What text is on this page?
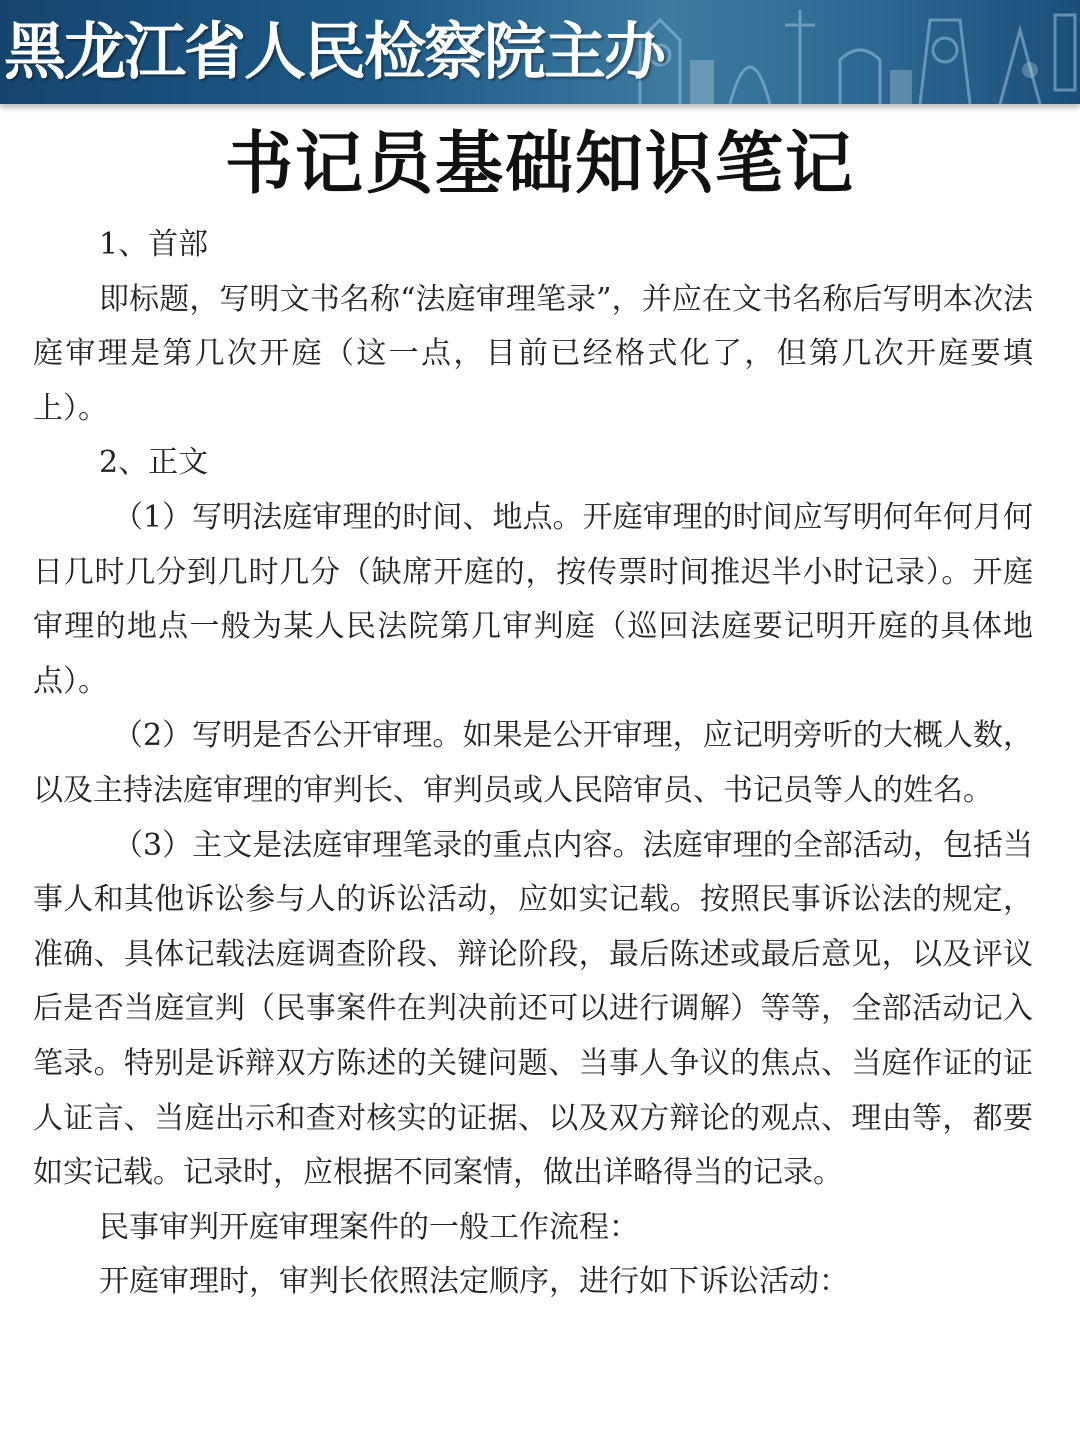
黑龙江省人民检察院主办
书记员基础知识笔记

1、首部

即标题，写明文书名称“法庭审理笔录”，并应在文书名称后写明本次法庭审理是第几次开庭（这一点，目前已经格式化了，但第几次开庭要填上）。

2、正文

（1）写明法庭审理的时间、地点。开庭审理的时间应写明何年何月何日几时几分到几时几分（缺席开庭的，按传票时间推迟半小时记录）。开庭审理的地点一般为某人民法院第几审判庭（巡回法庭要记明开庭的具体地点）。

（2）写明是否公开审理。如果是公开审理，应记明旁听的大概人数，以及主持法庭审理的审判长、审判员或人民陪审员、书记员等人的姓名。

（3）主文是法庭审理笔录的重点内容。法庭审理的全部活动，包括当事人和其他诉讼参与人的诉讼活动，应如实记载。按照民事诉讼法的规定，准确、具体记载法庭调查阶段、辩论阶段，最后陈述或最后意见，以及评议后是否当庭宣判（民事案件在判决前还可以进行调解）等等，全部活动记入笔录。特别是诉辩双方陈述的关键问题、当事人争议的焦点、当庭作证的证人证言、当庭出示和查对核实的证据、以及双方辩论的观点、理由等，都要如实记载。记录时，应根据不同案情，做出详略得当的记录。

民事审判开庭审理案件的一般工作流程：

开庭审理时，审判长依照法定顺序，进行如下诉讼活动：
